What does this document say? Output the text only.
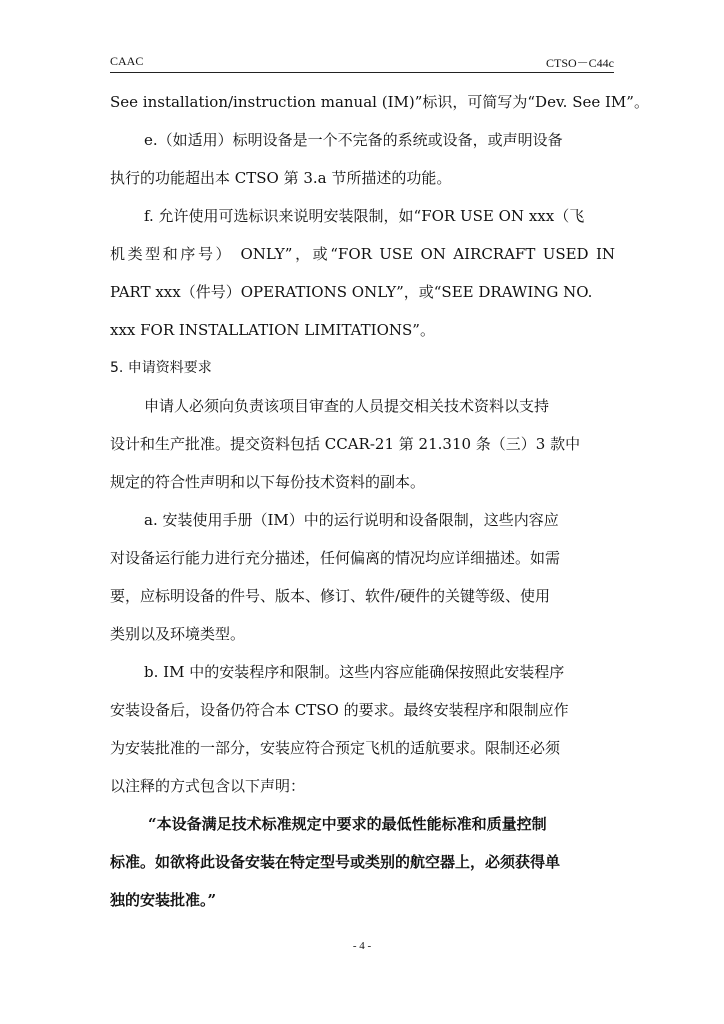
CAAC	CTSO－C44c
See installation/instruction manual (IM)”标识，可简写为“Dev. See IM”。
e.（如适用）标明设备是一个不完备的系统或设备，或声明设备
执行的功能超出本 CTSO 第 3.a 节所描述的功能。
f. 允许使用可选标识来说明安装限制，如“FOR USE ON xxx（飞
机类型和序号） ONLY”，或“FOR USE ON AIRCRAFT USED IN
PART xxx（件号）OPERATIONS ONLY”，或“SEE DRAWING NO.
xxx FOR INSTALLATION LIMITATIONS”。
5. 申请资料要求
申请人必须向负责该项目审查的人员提交相关技术资料以支持
设计和生产批准。提交资料包括 CCAR-21 第 21.310 条（三）3 款中
规定的符合性声明和以下每份技术资料的副本。
a. 安装使用手册（IM）中的运行说明和设备限制，这些内容应
对设备运行能力进行充分描述，任何偏离的情况均应详细描述。如需
要，应标明设备的件号、版本、修订、软件/硬件的关键等级、使用
类别以及环境类型。
b. IM 中的安装程序和限制。这些内容应能确保按照此安装程序
安装设备后，设备仍符合本 CTSO 的要求。最终安装程序和限制应作
为安装批准的一部分，安装应符合预定飞机的适航要求。限制还必须
以注释的方式包含以下声明：
“本设备满足技术标准规定中要求的最低性能标准和质量控制
标准。如欲将此设备安装在特定型号或类别的航空器上，必须获得单
独的安装批准。”
- 4 -
